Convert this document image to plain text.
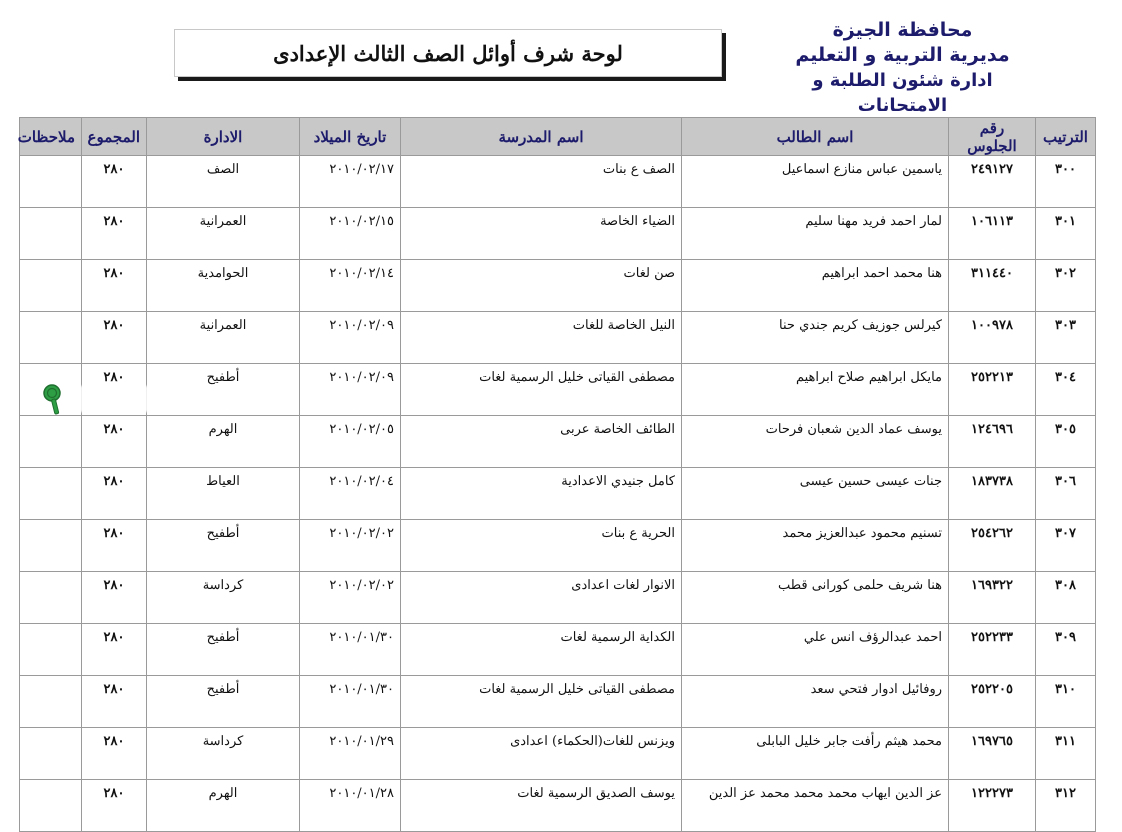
محافظة الجيزة
مديرية التربية و التعليم
ادارة شئون الطلبة و الامتحانات
لوحة شرف أوائل الصف الثالث الإعدادى
الترتيب	رقم الجلوس	اسم الطالب	اسم المدرسة	تاريخ الميلاد	الادارة	المجموع	ملاحظات
٣٠٠	٢٤٩١٢٧	ياسمين عباس منازع اسماعيل	الصف ع بنات	٢٠١٠/٠٢/١٧	الصف	٢٨٠	
٣٠١	١٠٦١١٣	لمار احمد فريد مهنا سليم	الضياء الخاصة	٢٠١٠/٠٢/١٥	العمرانية	٢٨٠	
٣٠٢	٣١١٤٤٠	هنا محمد احمد ابراهيم	صن لغات	٢٠١٠/٠٢/١٤	الحوامدية	٢٨٠	
٣٠٣	١٠٠٩٧٨	كيرلس جوزيف كريم جندي حنا	النيل الخاصة للغات	٢٠١٠/٠٢/٠٩	العمرانية	٢٨٠	
٣٠٤	٢٥٢٢١٣	مايكل ابراهيم صلاح ابراهيم	مصطفى القياتى خليل الرسمية لغات	٢٠١٠/٠٢/٠٩	أطفيح	٢٨٠	
٣٠٥	١٢٤٦٩٦	يوسف عماد الدين شعبان فرحات	الطائف الخاصة عربى	٢٠١٠/٠٢/٠٥	الهرم	٢٨٠	
٣٠٦	١٨٣٧٣٨	جنات عيسى حسين عيسى	كامل جنيدي الاعدادية	٢٠١٠/٠٢/٠٤	العياط	٢٨٠	
٣٠٧	٢٥٤٢٦٢	تسنيم محمود عبدالعزيز محمد	الحرية ع بنات	٢٠١٠/٠٢/٠٢	أطفيح	٢٨٠	
٣٠٨	١٦٩٣٢٢	هنا شريف حلمى كورانى قطب	الانوار لغات اعدادى	٢٠١٠/٠٢/٠٢	كرداسة	٢٨٠	
٣٠٩	٢٥٢٢٣٣	احمد عبدالرؤف انس علي	الكداية الرسمية لغات	٢٠١٠/٠١/٣٠	أطفيح	٢٨٠	
٣١٠	٢٥٢٢٠٥	روفائيل ادوار فتحي سعد	مصطفى القياتى خليل الرسمية لغات	٢٠١٠/٠١/٣٠	أطفيح	٢٨٠	
٣١١	١٦٩٧٦٥	محمد هيثم رأفت جابر خليل البابلى	ويزنس للغات(الحكماء) اعدادى	٢٠١٠/٠١/٢٩	كرداسة	٢٨٠	
٣١٢	١٢٢٢٧٣	عز الدين ايهاب محمد محمد محمد عز الدين	يوسف الصديق الرسمية لغات	٢٠١٠/٠١/٢٨	الهرم	٢٨٠	
